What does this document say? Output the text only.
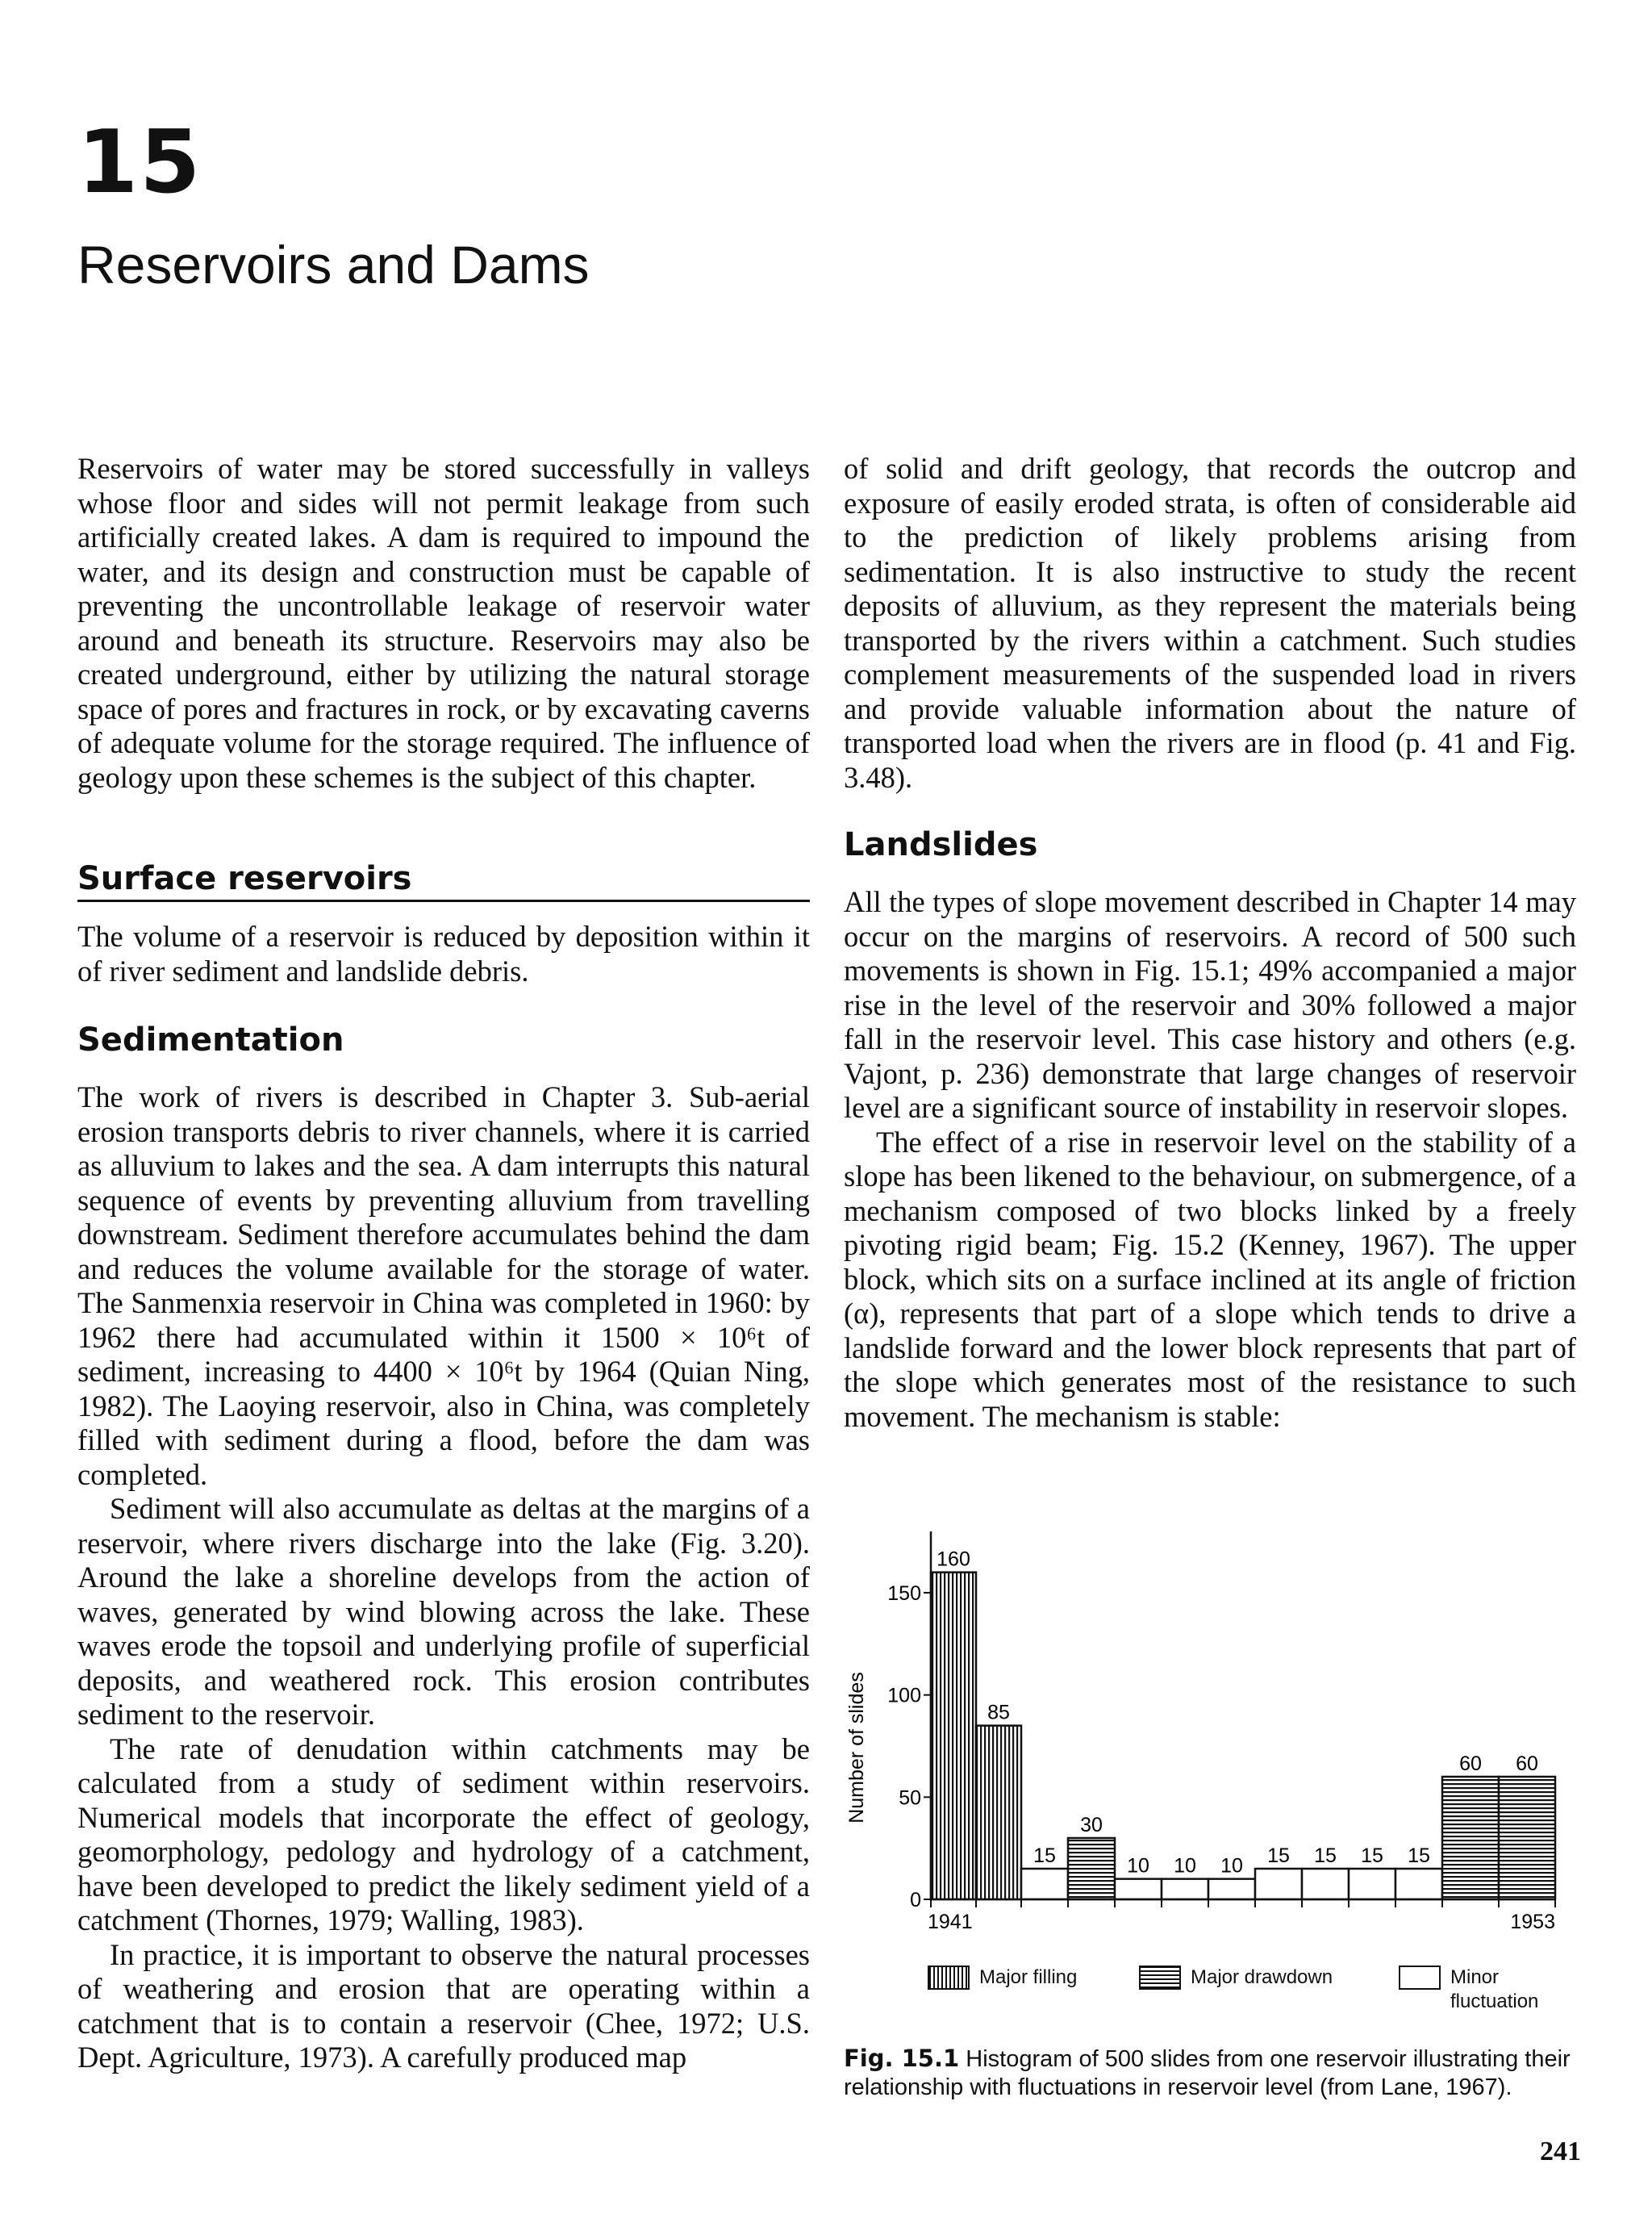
15
Reservoirs and Dams

Reservoirs of water may be stored successfully in valleys whose floor and sides will not permit leakage from such artificially created lakes. A dam is required to impound the water, and its design and construction must be capable of preventing the uncontrollable leakage of reservoir water around and beneath its structure. Reservoirs may also be created underground, either by utilizing the natural storage space of pores and fractures in rock, or by excavating caverns of adequate volume for the storage required. The influence of geology upon these schemes is the subject of this chapter.

Surface reservoirs

The volume of a reservoir is reduced by deposition within it of river sediment and landslide debris.

Sedimentation

The work of rivers is described in Chapter 3. Sub-aerial erosion transports debris to river channels, where it is carried as alluvium to lakes and the sea. A dam interrupts this natural sequence of events by preventing alluvium from travelling downstream. Sediment therefore accumulates behind the dam and reduces the volume available for the storage of water. The Sanmenxia reservoir in China was completed in 1960: by 1962 there had accumulated within it 1500 × 10⁶t of sediment, increasing to 4400 × 10⁶t by 1964 (Quian Ning, 1982). The Laoying reservoir, also in China, was completely filled with sediment during a flood, before the dam was completed.

Sediment will also accumulate as deltas at the margins of a reservoir, where rivers discharge into the lake (Fig. 3.20). Around the lake a shoreline develops from the action of waves, generated by wind blowing across the lake. These waves erode the topsoil and underlying profile of superficial deposits, and weathered rock. This erosion contributes sediment to the reservoir.

The rate of denudation within catchments may be calculated from a study of sediment within reservoirs. Numerical models that incorporate the effect of geology, geomorphology, pedology and hydrology of a catchment, have been developed to predict the likely sediment yield of a catchment (Thornes, 1979; Walling, 1983).

In practice, it is important to observe the natural processes of weathering and erosion that are operating within a catchment that is to contain a reservoir (Chee, 1972; U.S. Dept. Agriculture, 1973). A carefully produced map

of solid and drift geology, that records the outcrop and exposure of easily eroded strata, is often of considerable aid to the prediction of likely problems arising from sedimentation. It is also instructive to study the recent deposits of alluvium, as they represent the materials being transported by the rivers within a catchment. Such studies complement measurements of the suspended load in rivers and provide valuable information about the nature of transported load when the rivers are in flood (p. 41 and Fig. 3.48).

Landslides

All the types of slope movement described in Chapter 14 may occur on the margins of reservoirs. A record of 500 such movements is shown in Fig. 15.1; 49% accompanied a major rise in the level of the reservoir and 30% followed a major fall in the reservoir level. This case history and others (e.g. Vajont, p. 236) demonstrate that large changes of reservoir level are a significant source of instability in reservoir slopes.

The effect of a rise in reservoir level on the stability of a slope has been likened to the behaviour, on submergence, of a mechanism composed of two blocks linked by a freely pivoting rigid beam; Fig. 15.2 (Kenney, 1967). The upper block, which sits on a surface inclined at its angle of friction (α), represents that part of a slope which tends to drive a landslide forward and the lower block represents that part of the slope which generates most of the resistance to such movement. The mechanism is stable:

Number of slides
0
50
100
150
160
85
15
30
10 10 10 15 15 15 15
60 60
1941	1953
Major filling	Major drawdown	Minor
fluctuation
Fig. 15.1 Histogram of 500 slides from one reservoir illustrating their relationship with fluctuations in reservoir level (from Lane, 1967).
241
